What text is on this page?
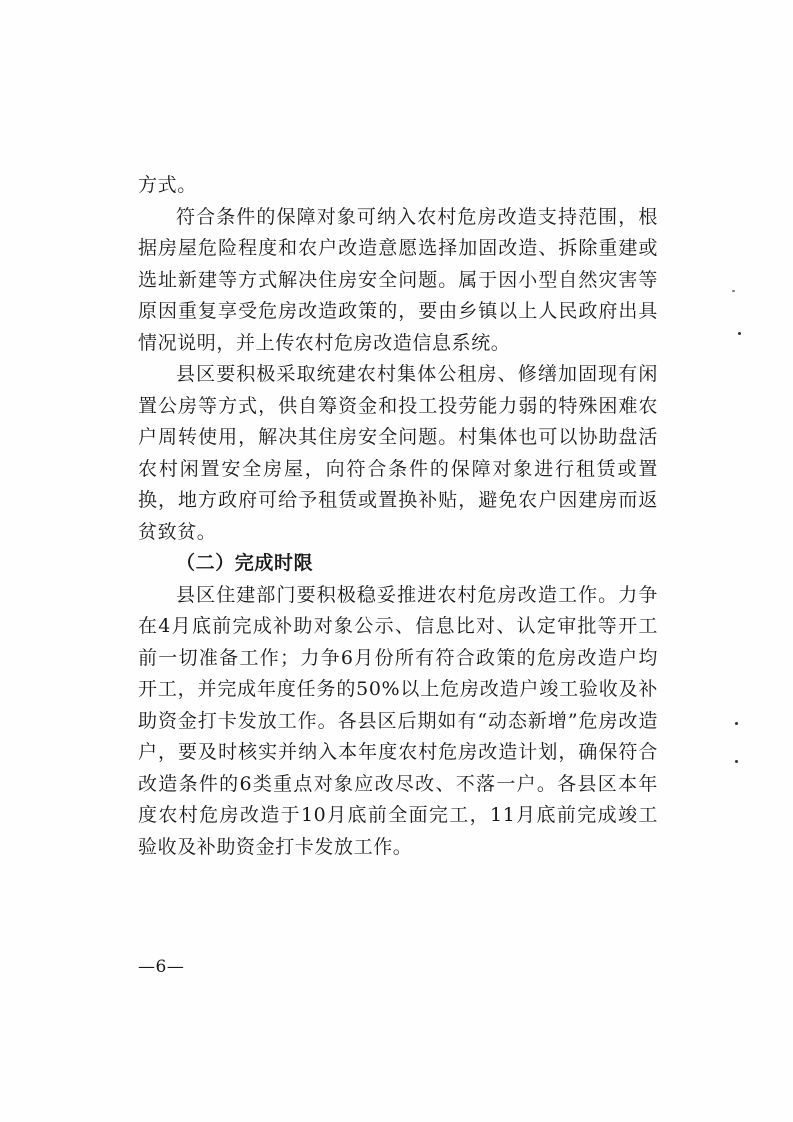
方式。

符合条件的保障对象可纳入农村危房改造支持范围，根据房屋危险程度和农户改造意愿选择加固改造、拆除重建或选址新建等方式解决住房安全问题。属于因小型自然灾害等原因重复享受危房改造政策的，要由乡镇以上人民政府出具情况说明，并上传农村危房改造信息系统。

县区要积极采取统建农村集体公租房、修缮加固现有闲置公房等方式，供自筹资金和投工投劳能力弱的特殊困难农户周转使用，解决其住房安全问题。村集体也可以协助盘活农村闲置安全房屋，向符合条件的保障对象进行租赁或置换，地方政府可给予租赁或置换补贴，避免农户因建房而返贫致贫。

（二）完成时限

县区住建部门要积极稳妥推进农村危房改造工作。力争在4月底前完成补助对象公示、信息比对、认定审批等开工前一切准备工作；力争6月份所有符合政策的危房改造户均开工，并完成年度任务的50%以上危房改造户竣工验收及补助资金打卡发放工作。各县区后期如有“动态新增”危房改造户，要及时核实并纳入本年度农村危房改造计划，确保符合改造条件的6类重点对象应改尽改、不落一户。各县区本年度农村危房改造于10月底前全面完工，11月底前完成竣工验收及补助资金打卡发放工作。

—6—
